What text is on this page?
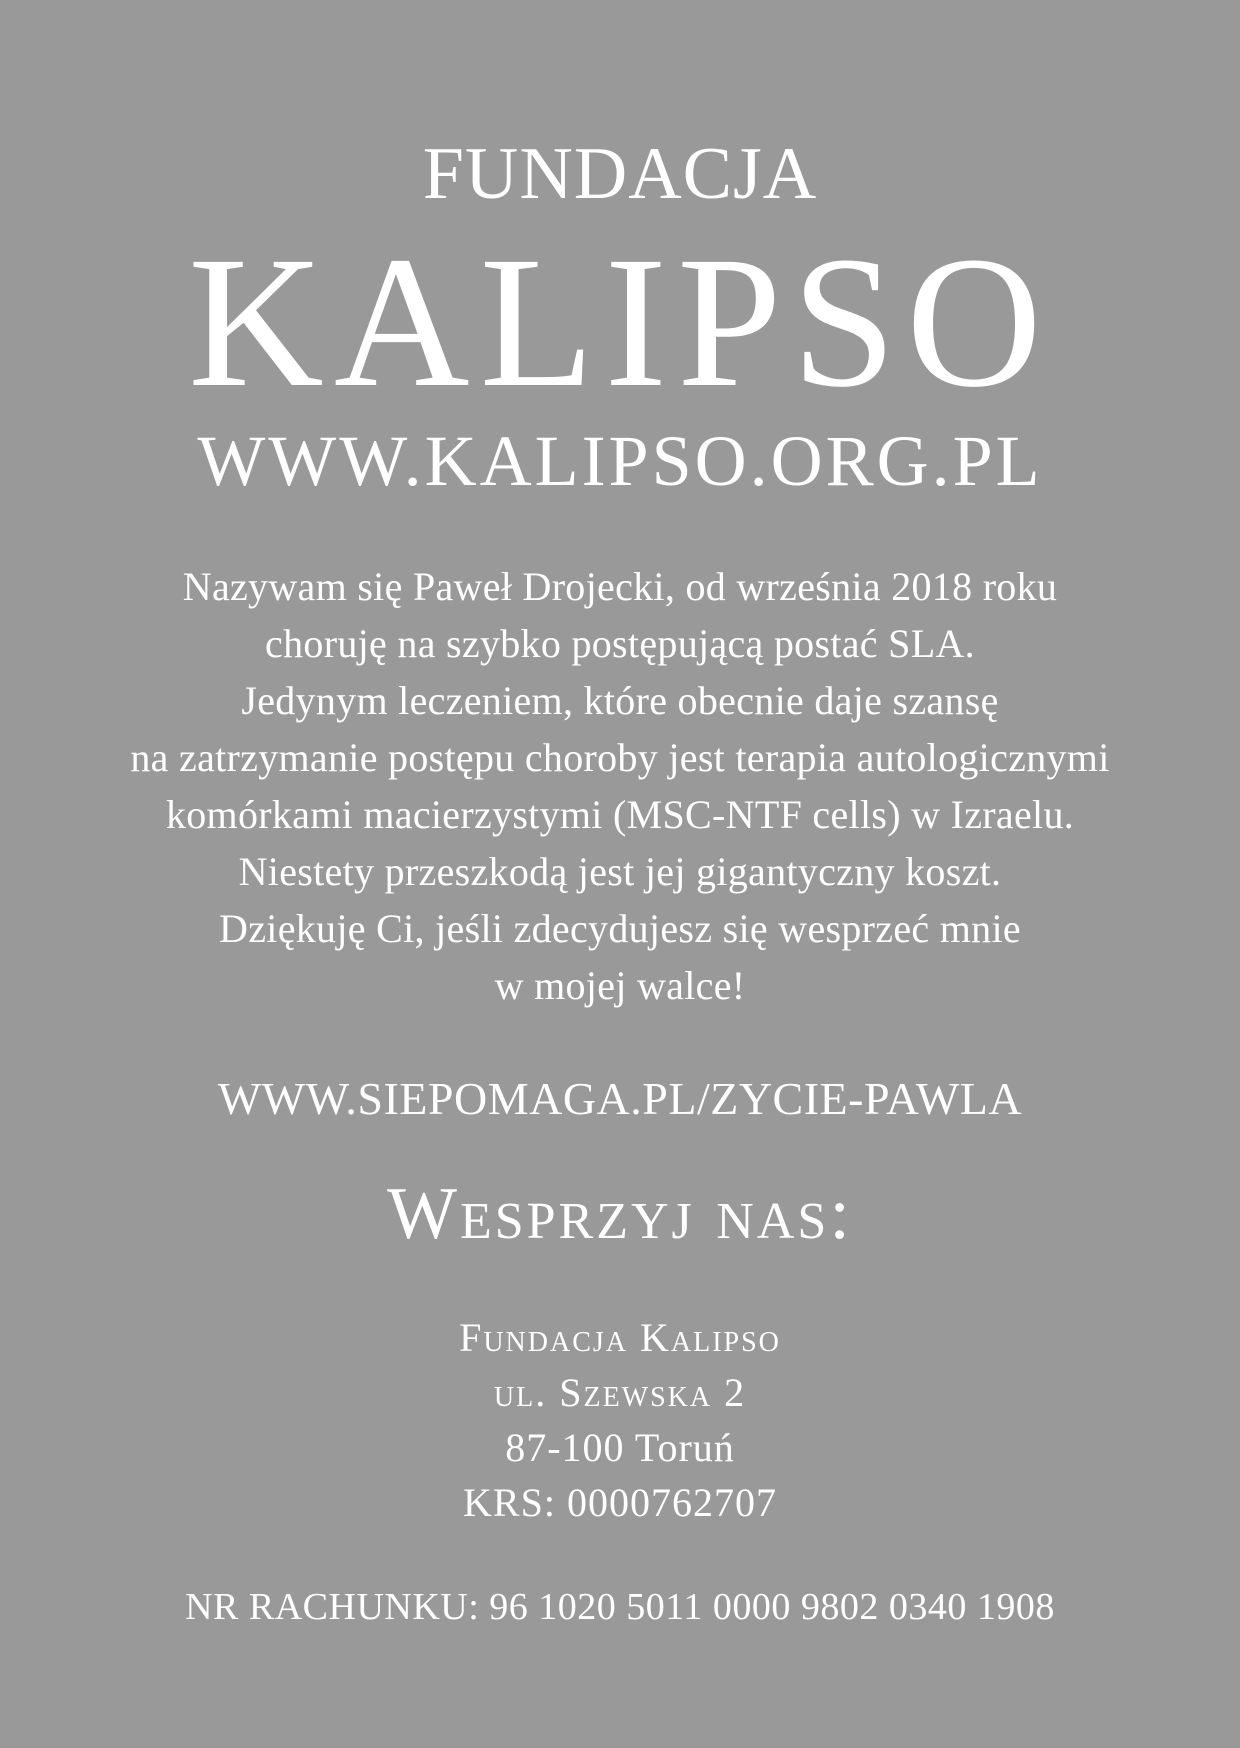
FUNDACJA
KALIPSO
WWW.KALIPSO.ORG.PL
Nazywam się Paweł Drojecki, od września 2018 roku
choruję na szybko postępującą postać SLA.
Jedynym leczeniem, które obecnie daje szansę
na zatrzymanie postępu choroby jest terapia autologicznymi
komórkami macierzystymi (MSC-NTF cells) w Izraelu.
Niestety przeszkodą jest jej gigantyczny koszt.
Dziękuję Ci, jeśli zdecydujesz się wesprzeć mnie
w mojej walce!
WWW.SIEPOMAGA.PL/ZYCIE-PAWLA
Wesprzyj nas:
Fundacja Kalipso
ul. Szewska 2
87-100 Toruń
KRS: 0000762707
NR RACHUNKU: 96 1020 5011 0000 9802 0340 1908
